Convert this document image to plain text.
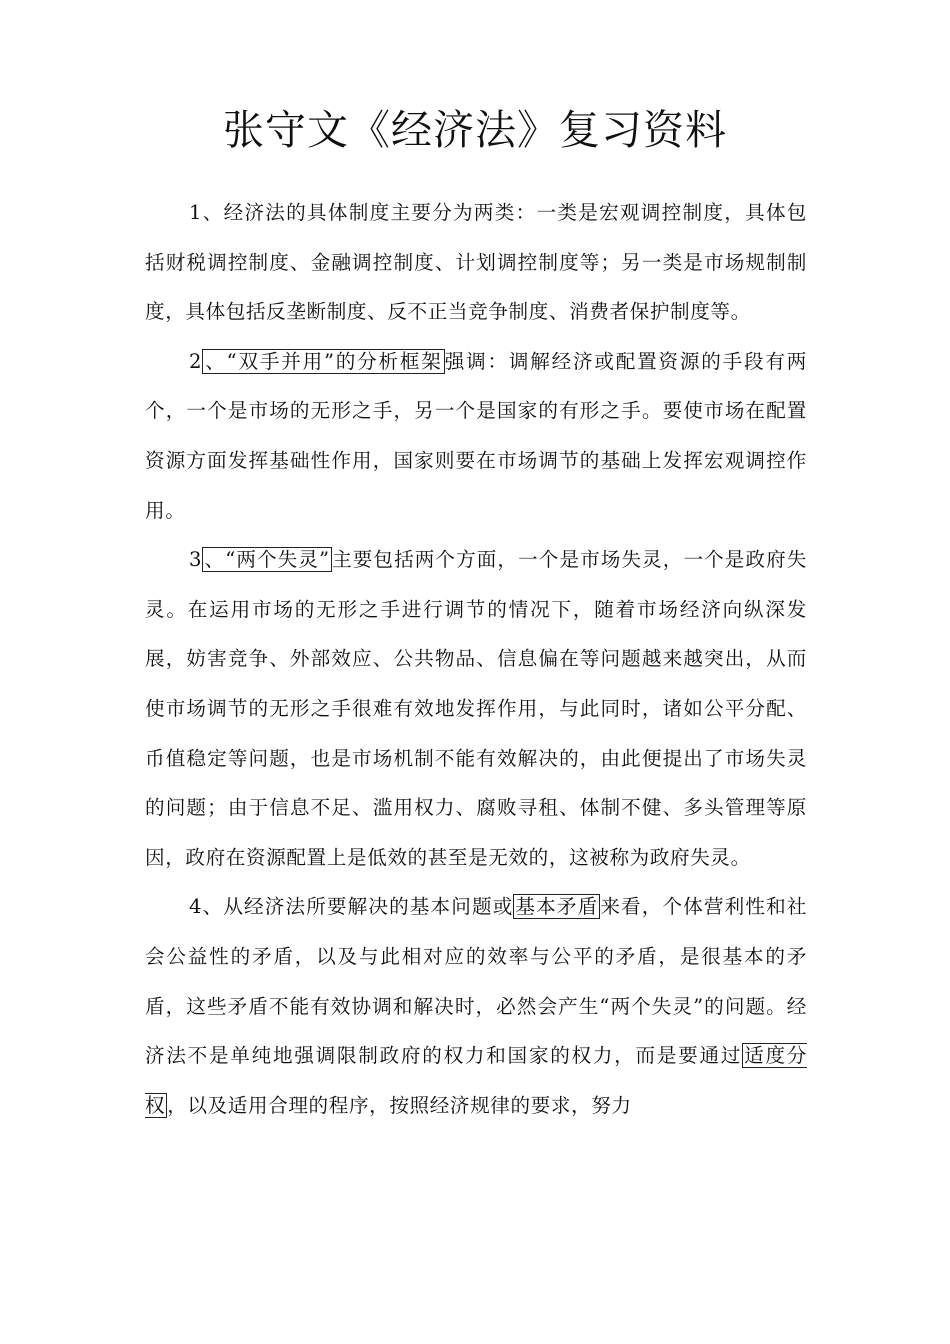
张守文《经济法》复习资料

1、经济法的具体制度主要分为两类：一类是宏观调控制度，具体包括财税调控制度、金融调控制度、计划调控制度等；另一类是市场规制制度，具体包括反垄断制度、反不正当竞争制度、消费者保护制度等。

2 、“双手并用”的分析框架 强调：调解经济或配置资源的手段有两个，一个是市场的无形之手，另一个是国家的有形之手。要使市场在配置资源方面发挥基础性作用，国家则要在市场调节的基础上发挥宏观调控作用。

3 、“两个失灵” 主要包括两个方面，一个是市场失灵，一个是政府失灵。在运用市场的无形之手进行调节的情况下，随着市场经济向纵深发展，妨害竞争、外部效应、公共物品、信息偏在等问题越来越突出，从而使市场调节的无形之手很难有效地发挥作用，与此同时，诸如公平分配、币值稳定等问题，也是市场机制不能有效解决的，由此便提出了市场失灵的问题；由于信息不足、滥用权力、腐败寻租、体制不健、多头管理等原因，政府在资源配置上是低效的甚至是无效的，这被称为政府失灵。

4、从经济法所要解决的基本问题或 基本矛盾 来看，个体营利性和社会公益性的矛盾，以及与此相对应的效率与公平的矛盾，是很基本的矛盾，这些矛盾不能有效协调和解决时，必然会产生“两个失灵”的问题。经济法不是单纯地强调限制政府的权力和国家的权力，而是要通过 适度分权 ，以及适用合理的程序，按照经济规律的要求，努力
